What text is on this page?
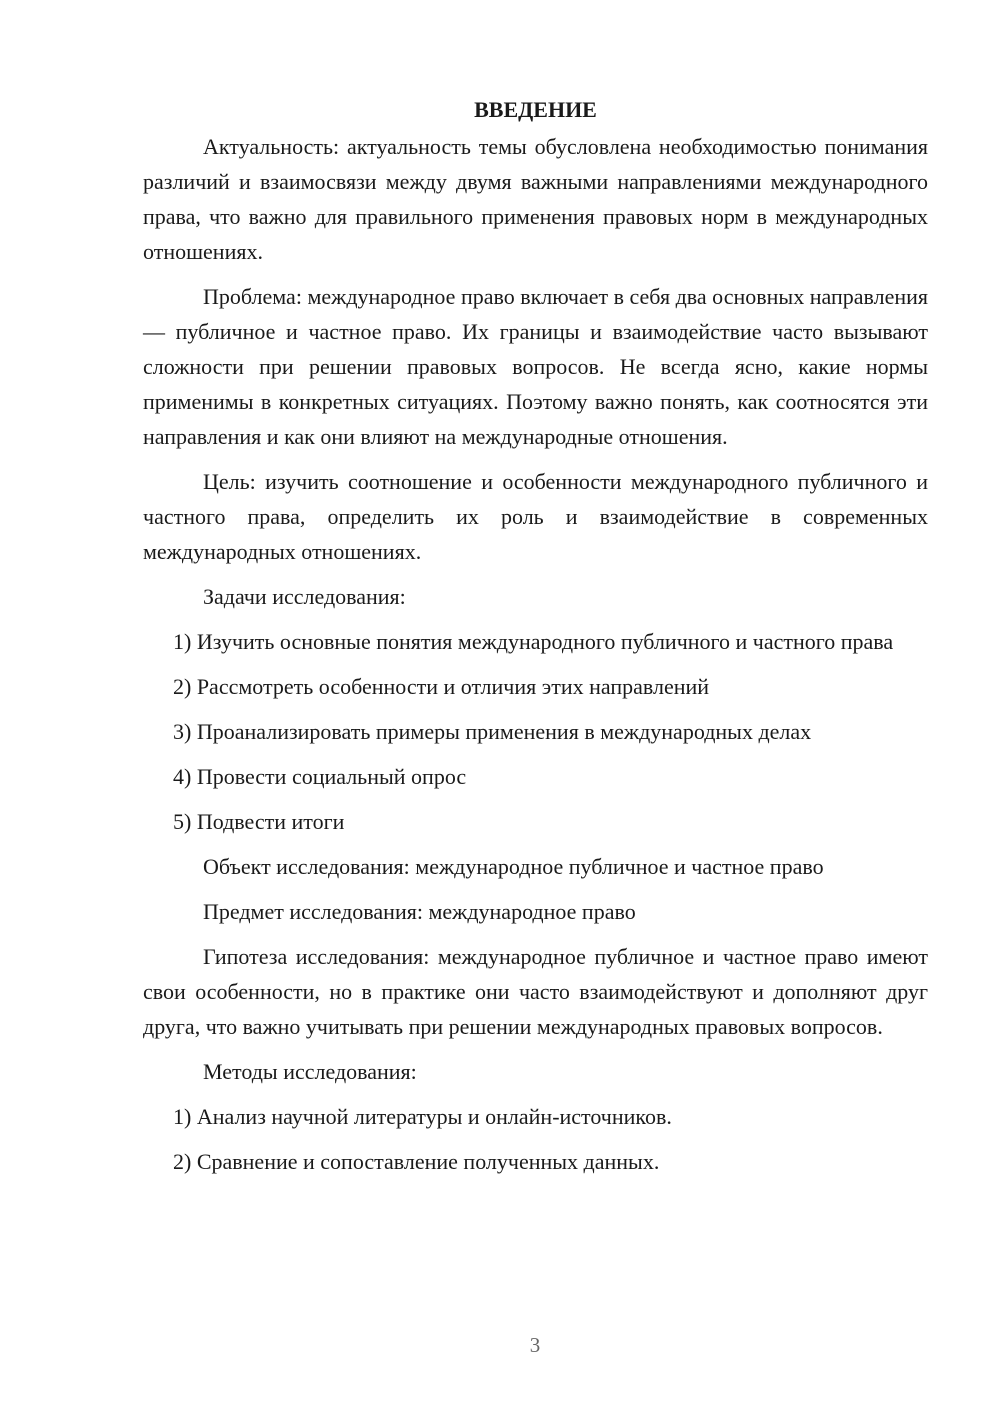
ВВЕДЕНИЕ

Актуальность: актуальность темы обусловлена необходимостью понимания различий и взаимосвязи между двумя важными направлениями международного права, что важно для правильного применения правовых норм в международных отношениях.

Проблема: международное право включает в себя два основных направления — публичное и частное право. Их границы и взаимодействие часто вызывают сложности при решении правовых вопросов. Не всегда ясно, какие нормы применимы в конкретных ситуациях. Поэтому важно понять, как соотносятся эти направления и как они влияют на международные отношения.

Цель: изучить соотношение и особенности международного публичного и частного права, определить их роль и взаимодействие в современных международных отношениях.

Задачи исследования:

1) Изучить основные понятия международного публичного и частного права

2) Рассмотреть особенности и отличия этих направлений

3) Проанализировать примеры применения в международных делах

4) Провести социальный опрос

5) Подвести итоги

Объект исследования: международное публичное и частное право

Предмет исследования: международное право

Гипотеза исследования: международное публичное и частное право имеют свои особенности, но в практике они часто взаимодействуют и дополняют друг друга, что важно учитывать при решении международных правовых вопросов.

Методы исследования:

1) Анализ научной литературы и онлайн-источников.

2) Сравнение и сопоставление полученных данных.

3
